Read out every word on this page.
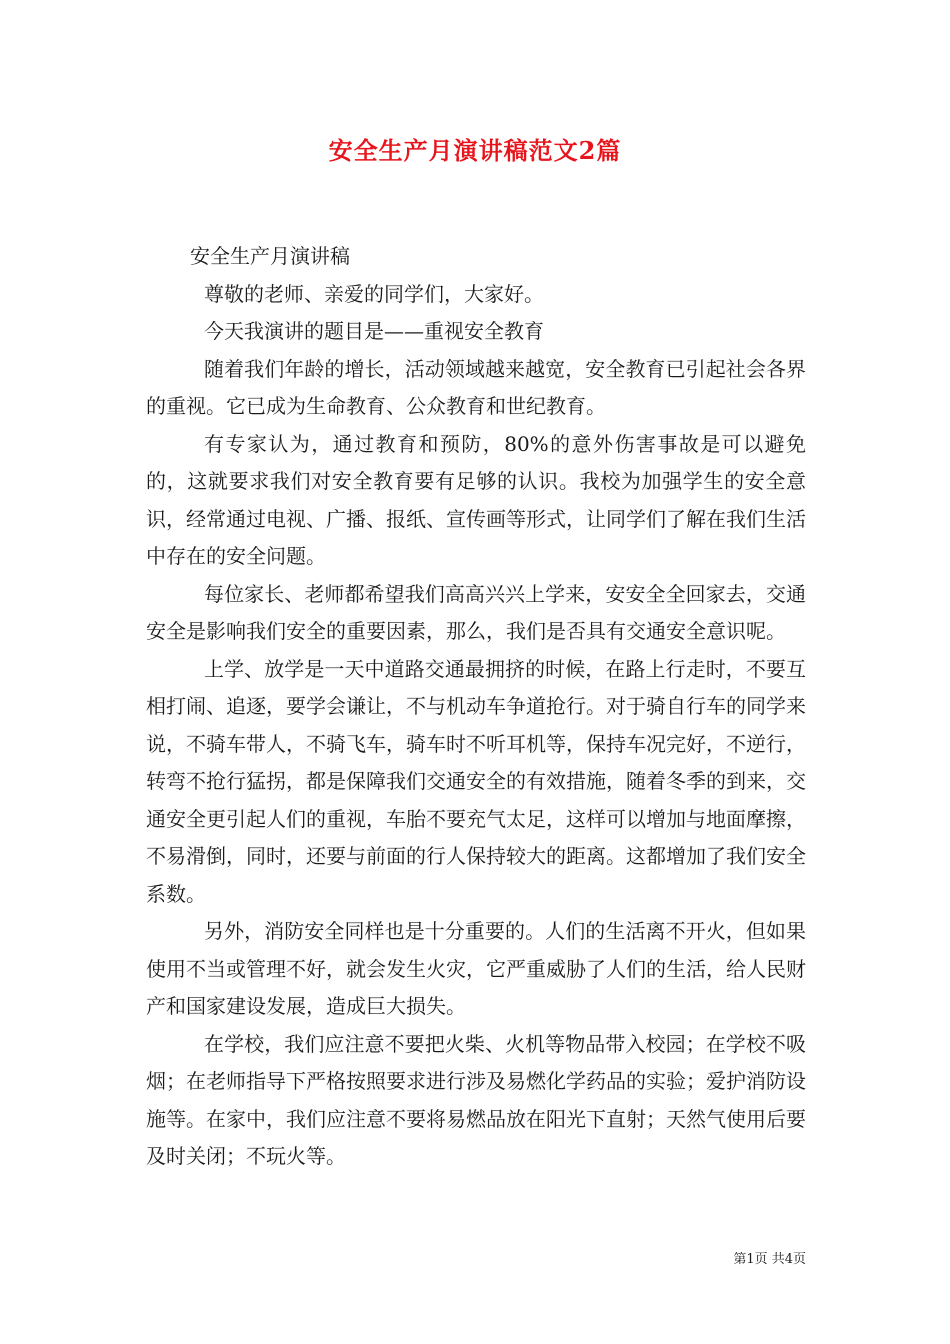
安全生产月演讲稿范文2篇

安全生产月演讲稿

尊敬的老师、亲爱的同学们，大家好。

今天我演讲的题目是——重视安全教育

随着我们年龄的增长，活动领域越来越宽，安全教育已引起社会各界的重视。它已成为生命教育、公众教育和世纪教育。

有专家认为，通过教育和预防，80%的意外伤害事故是可以避免的，这就要求我们对安全教育要有足够的认识。我校为加强学生的安全意识，经常通过电视、广播、报纸、宣传画等形式，让同学们了解在我们生活中存在的安全问题。

每位家长、老师都希望我们高高兴兴上学来，安安全全回家去，交通安全是影响我们安全的重要因素，那么，我们是否具有交通安全意识呢。

上学、放学是一天中道路交通最拥挤的时候，在路上行走时，不要互相打闹、追逐，要学会谦让，不与机动车争道抢行。对于骑自行车的同学来说，不骑车带人，不骑飞车，骑车时不听耳机等，保持车况完好，不逆行，转弯不抢行猛拐，都是保障我们交通安全的有效措施，随着冬季的到来，交通安全更引起人们的重视，车胎不要充气太足，这样可以增加与地面摩擦，不易滑倒，同时，还要与前面的行人保持较大的距离。这都增加了我们安全系数。

另外，消防安全同样也是十分重要的。人们的生活离不开火，但如果使用不当或管理不好，就会发生火灾，它严重威胁了人们的生活，给人民财产和国家建设发展，造成巨大损失。

在学校，我们应注意不要把火柴、火机等物品带入校园；在学校不吸烟；在老师指导下严格按照要求进行涉及易燃化学药品的实验；爱护消防设施等。在家中，我们应注意不要将易燃品放在阳光下直射；天然气使用后要及时关闭；不玩火等。

第1页 共4页
